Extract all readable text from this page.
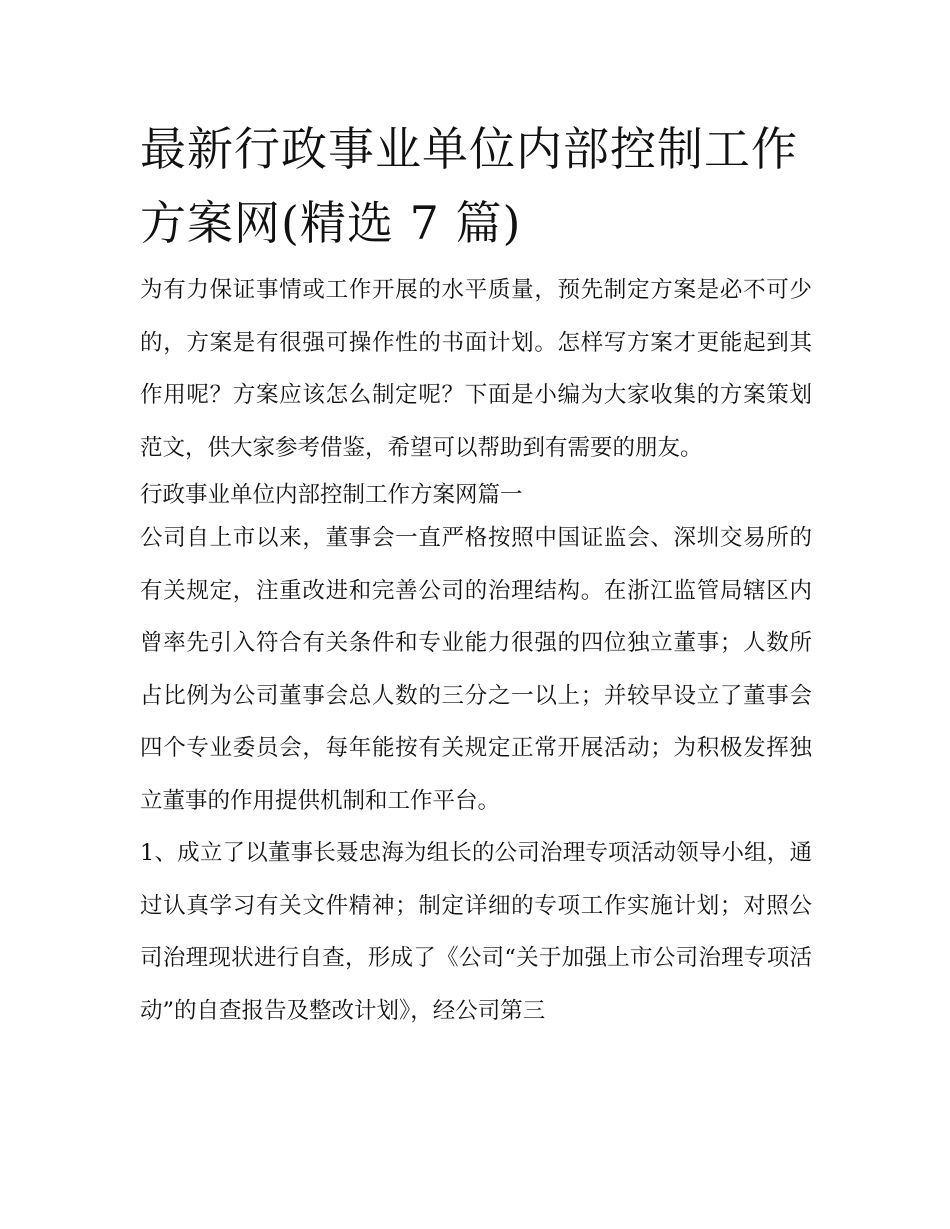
最新行政事业单位内部控制工作方案网(精选 7 篇)

为有力保证事情或工作开展的水平质量，预先制定方案是必不可少的，方案是有很强可操作性的书面计划。怎样写方案才更能起到其作用呢？方案应该怎么制定呢？下面是小编为大家收集的方案策划范文，供大家参考借鉴，希望可以帮助到有需要的朋友。

行政事业单位内部控制工作方案网篇一

公司自上市以来，董事会一直严格按照中国证监会、深圳交易所的有关规定，注重改进和完善公司的治理结构。在浙江监管局辖区内曾率先引入符合有关条件和专业能力很强的四位独立董事；人数所占比例为公司董事会总人数的三分之一以上；并较早设立了董事会四个专业委员会，每年能按有关规定正常开展活动；为积极发挥独立董事的作用提供机制和工作平台。

1、成立了以董事长聂忠海为组长的公司治理专项活动领导小组，通过认真学习有关文件精神；制定详细的专项工作实施计划；对照公司治理现状进行自查，形成了《公司“关于加强上市公司治理专项活动”的自查报告及整改计划》，经公司第三
